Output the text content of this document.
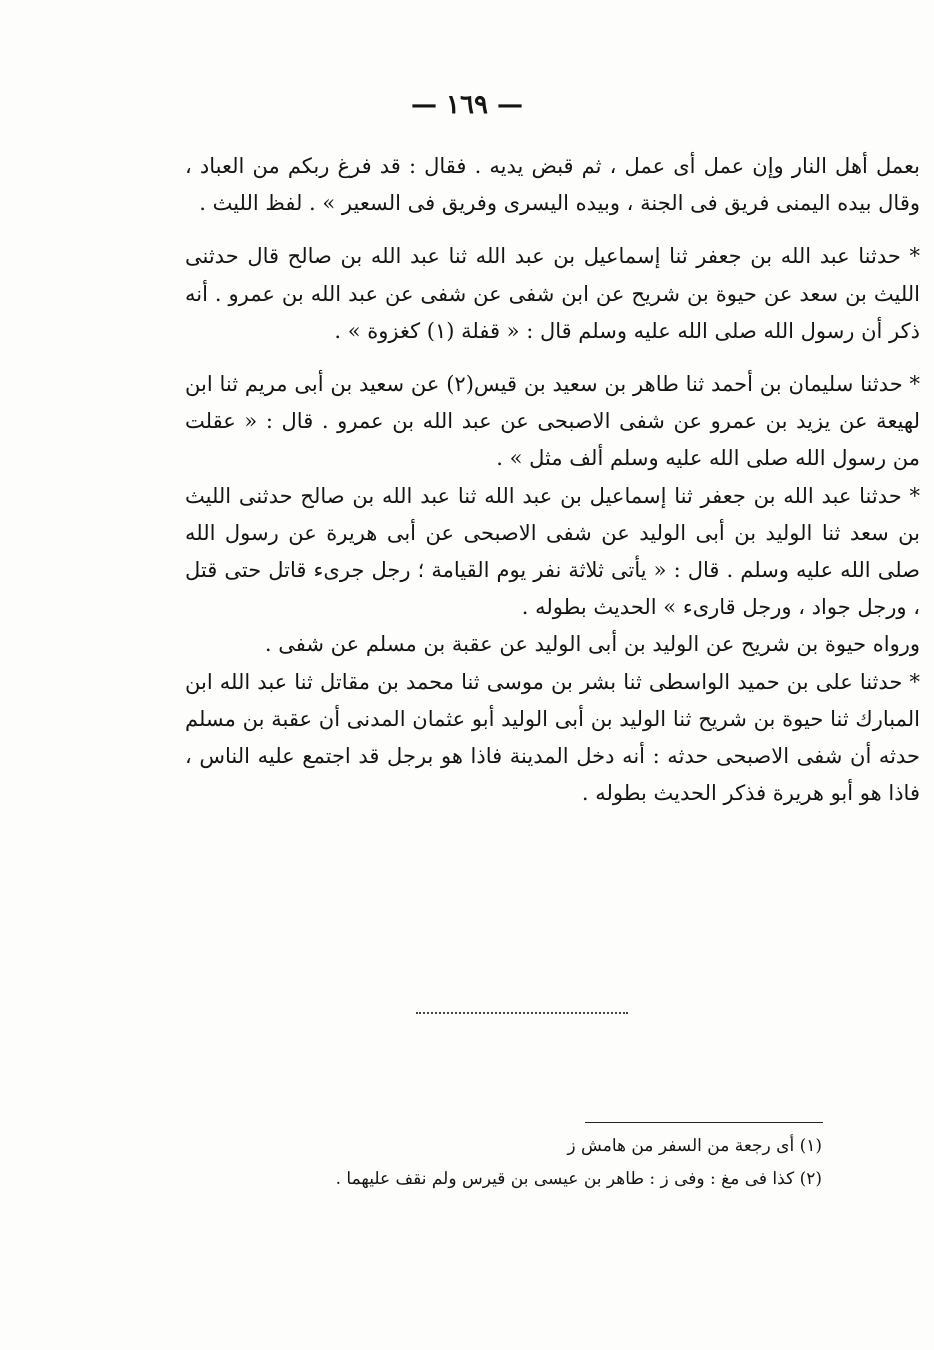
— ١٦٩ —

بعمل أهل النار وإن عمل أى عمل ، ثم قبض يديه . فقال : قد فرغ ربكم من العباد ، وقال بيده اليمنى فريق فى الجنة ، وبيده اليسرى وفريق فى السعير » . لفظ الليث .

* حدثنا عبد الله بن جعفر ثنا إسماعيل بن عبد الله ثنا عبد الله بن صالح قال حدثنى الليث بن سعد عن حيوة بن شريح عن ابن شفى عن شفى عن عبد الله بن عمرو . أنه ذكر أن رسول الله صلى الله عليه وسلم قال : « قفلة (١) كغزوة » .

* حدثنا سليمان بن أحمد ثنا طاهر بن سعيد بن قيس(٢) عن سعيد بن أبى مريم ثنا ابن لهيعة عن يزيد بن عمرو عن شفى الاصبحى عن عبد الله بن عمرو . قال : « عقلت من رسول الله صلى الله عليه وسلم ألف مثل » .

* حدثنا عبد الله بن جعفر ثنا إسماعيل بن عبد الله ثنا عبد الله بن صالح حدثنى الليث بن سعد ثنا الوليد بن أبى الوليد عن شفى الاصبحى عن أبى هريرة عن رسول الله صلى الله عليه وسلم . قال : « يأتى ثلاثة نفر يوم القيامة ؛ رجل جرىء قاتل حتى قتل ، ورجل جواد ، ورجل قارىء » الحديث بطوله .

ورواه حيوة بن شريح عن الوليد بن أبى الوليد عن عقبة بن مسلم عن شفى .

* حدثنا على بن حميد الواسطى ثنا بشر بن موسى ثنا محمد بن مقاتل ثنا عبد الله ابن المبارك ثنا حيوة بن شريح ثنا الوليد بن أبى الوليد أبو عثمان المدنى أن عقبة بن مسلم حدثه أن شفى الاصبحى حدثه : أنه دخل المدينة فاذا هو برجل قد اجتمع عليه الناس ، فاذا هو أبو هريرة فذكر الحديث بطوله .

(١) أى رجعة من السفر من هامش ز

(٢) كذا فى مغ : وفى ز : طاهر بن عيسى بن قيرس ولم نقف عليهما .
